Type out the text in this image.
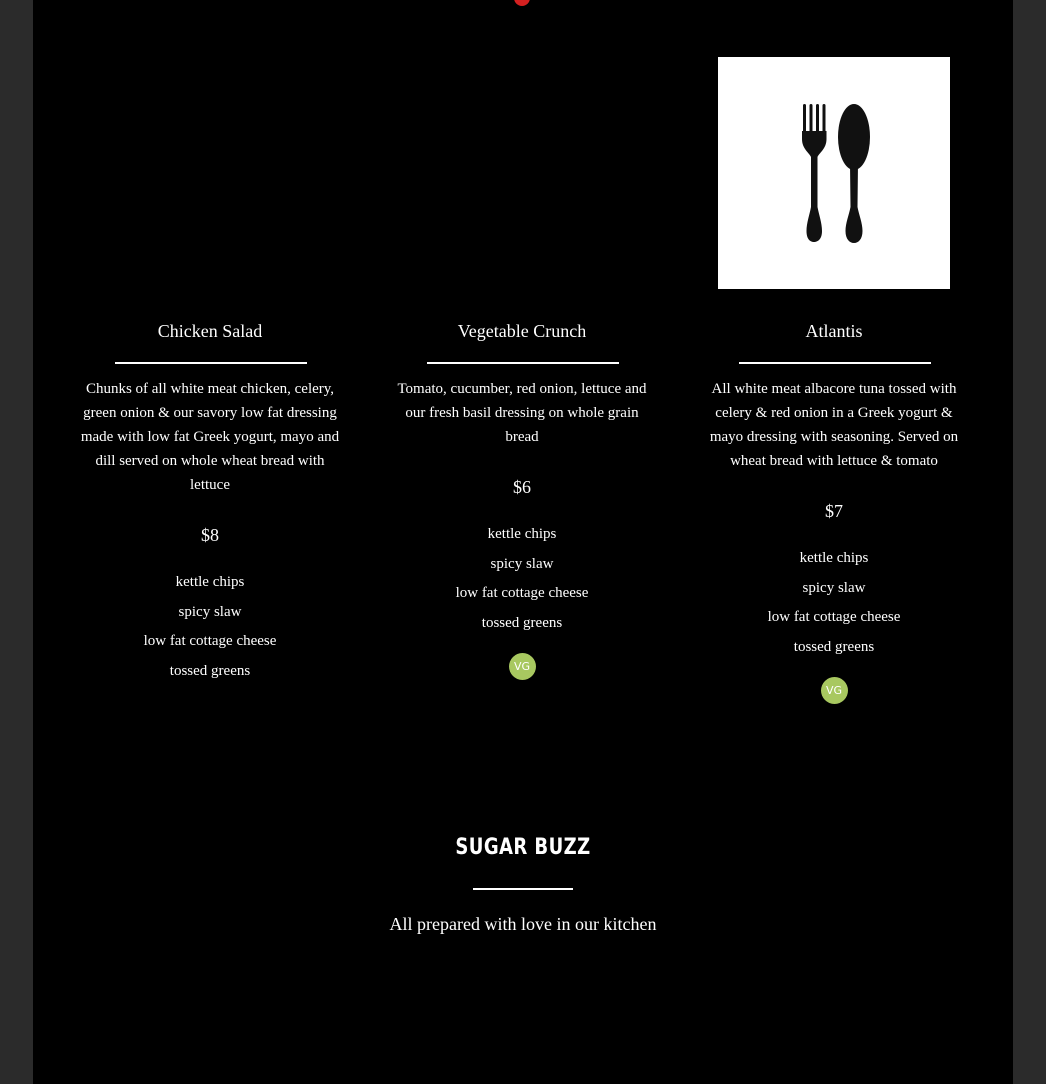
Chicken Salad

Chunks of all white meat chicken, celery, green onion & our savory low fat dressing made with low fat Greek yogurt, mayo and dill served on whole wheat bread with lettuce

$8

kettle chips
spicy slaw
low fat cottage cheese
tossed greens
Vegetable Crunch

Tomato, cucumber, red onion, lettuce and our fresh basil dressing on whole grain bread

$6

kettle chips
spicy slaw
low fat cottage cheese
tossed greens
VG
Atlantis

All white meat albacore tuna tossed with celery & red onion in a Greek yogurt & mayo dressing with seasoning. Served on wheat bread with lettuce & tomato

$7

kettle chips
spicy slaw
low fat cottage cheese
tossed greens
VG
SUGAR BUZZ
All prepared with love in our kitchen
